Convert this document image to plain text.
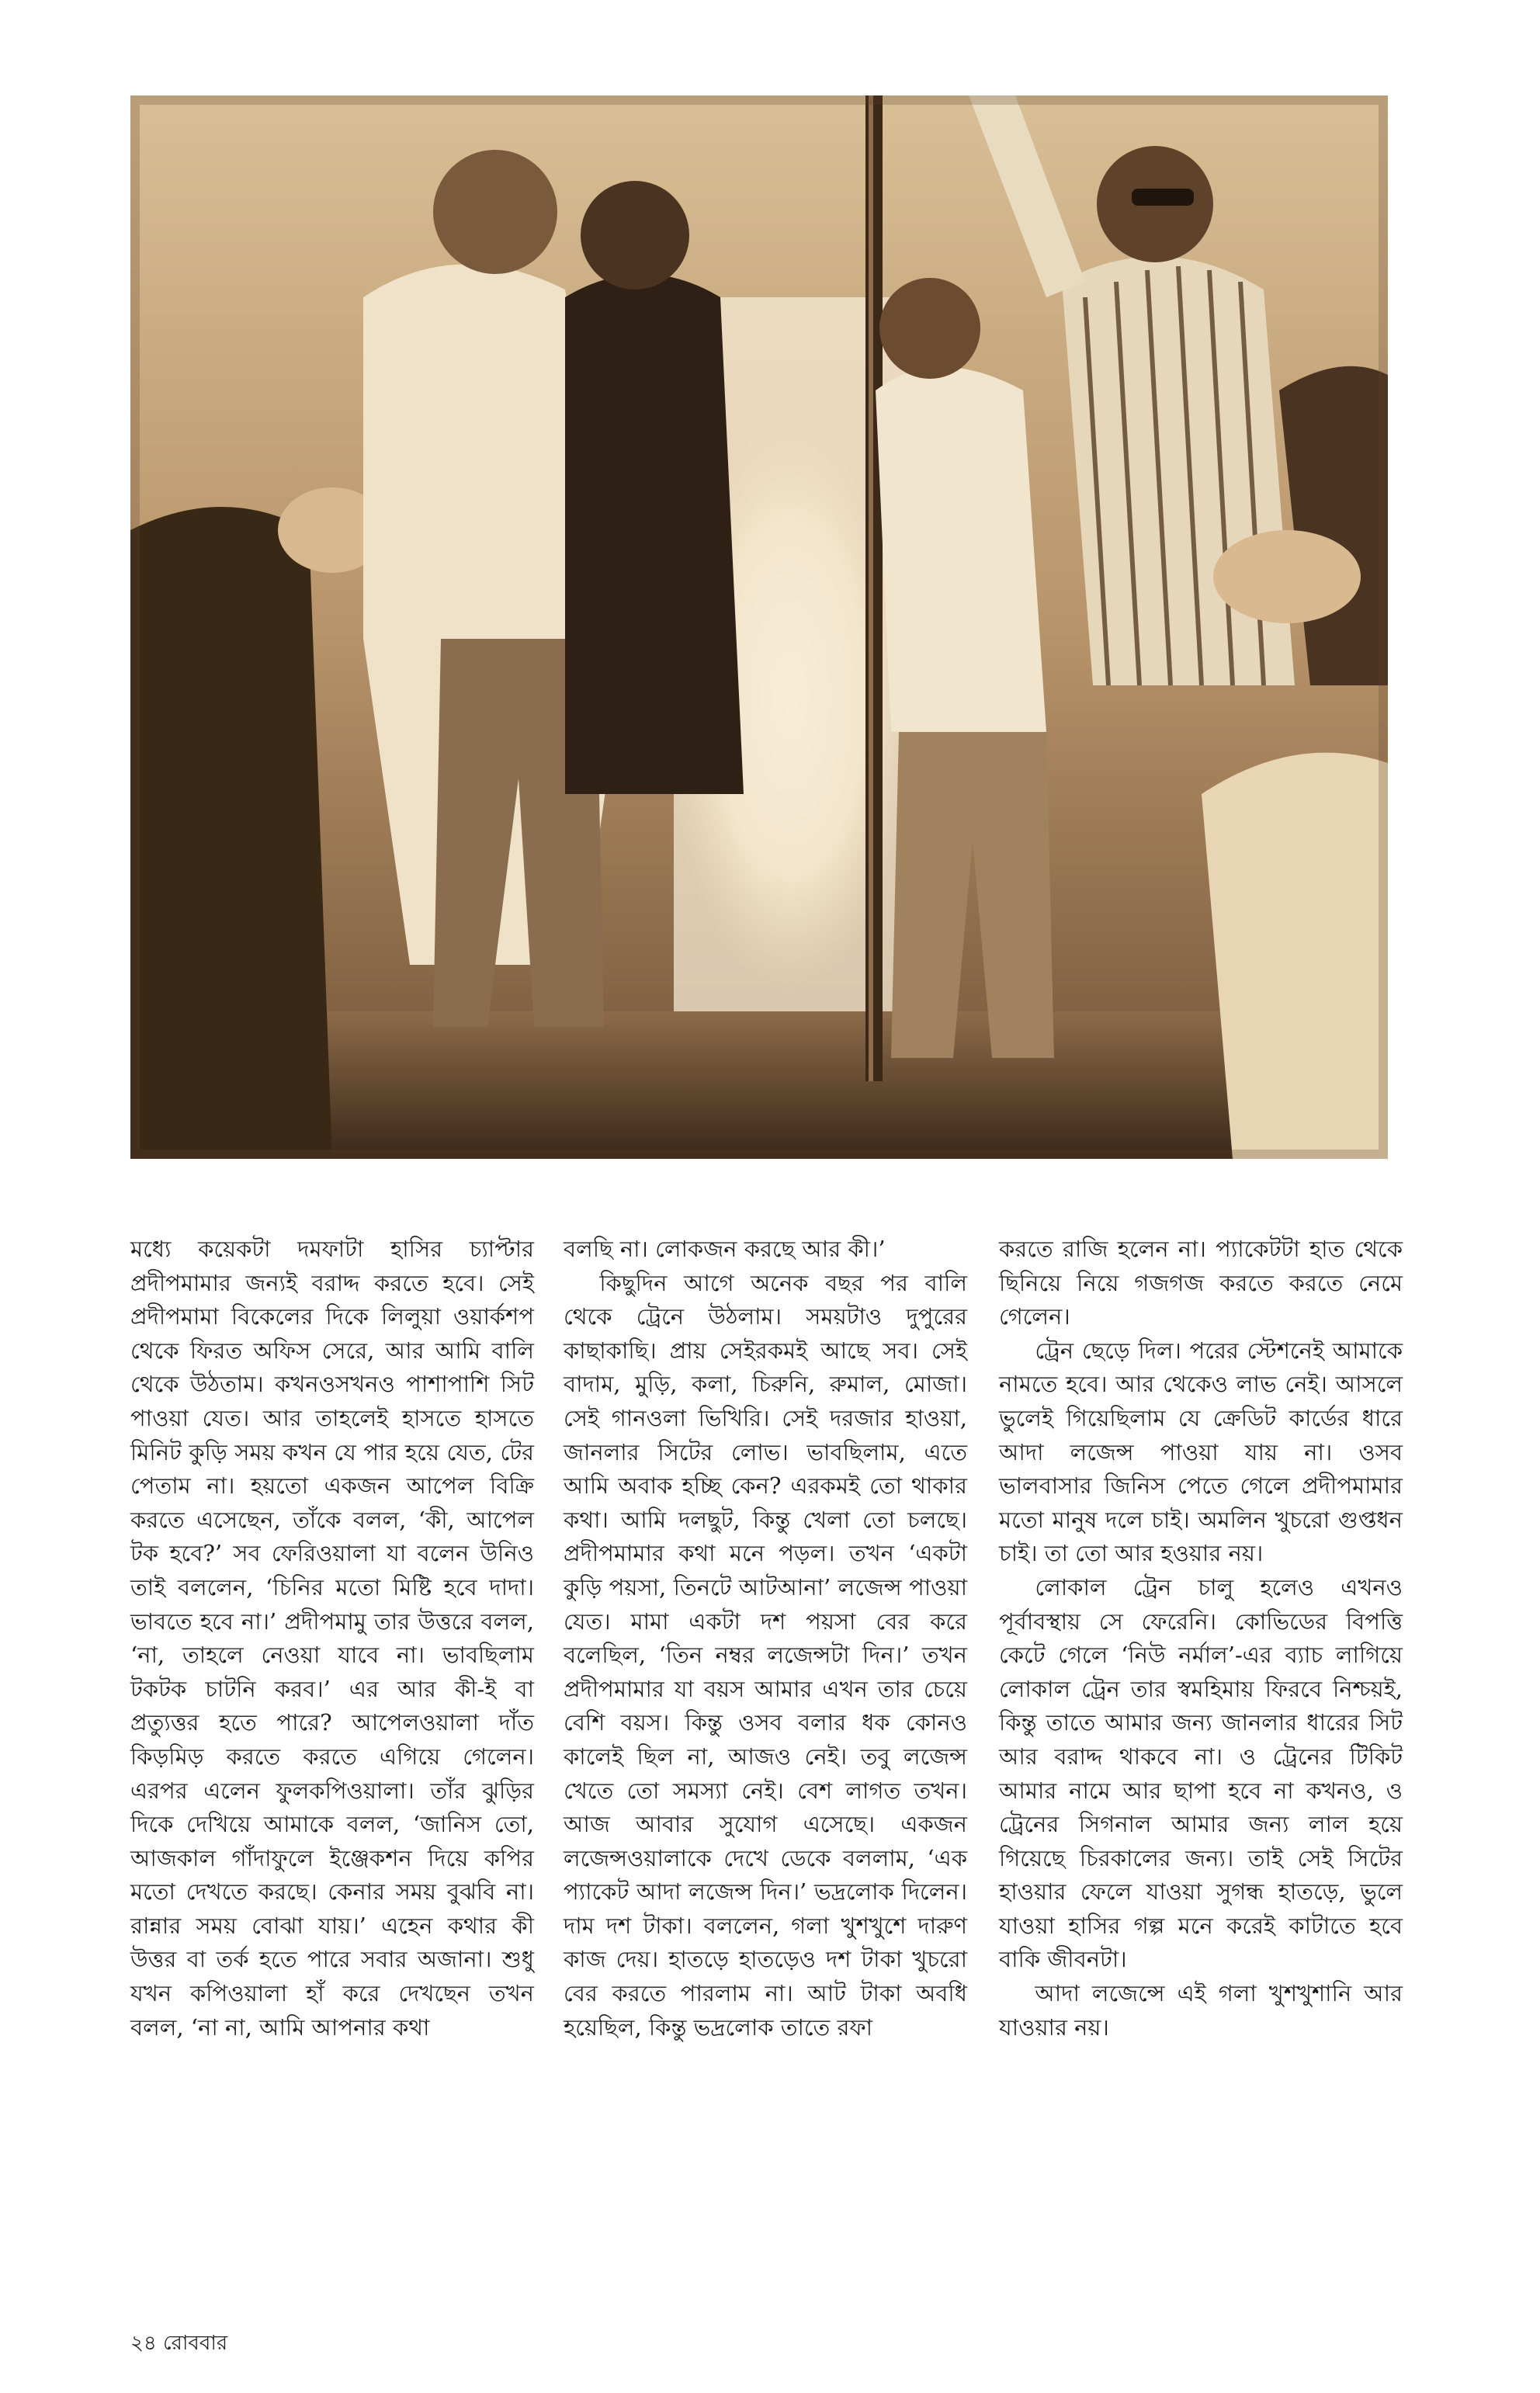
মধ্যে কয়েকটা দমফাটা হাসির চ্যাপ্টার প্রদীপমামার জন্যই বরাদ্দ করতে হবে। সেই প্রদীপমামা বিকেলের দিকে লিলুয়া ওয়ার্কশপ থেকে ফিরত অফিস সেরে, আর আমি বালি থেকে উঠতাম। কখনওসখনও পাশাপাশি সিট পাওয়া যেত। আর তাহলেই হাসতে হাসতে মিনিট কুড়ি সময় কখন যে পার হয়ে যেত, টের পেতাম না। হয়তো একজন আপেল বিক্রি করতে এসেছেন, তাঁকে বলল, ‘কী, আপেল টক হবে?’ সব ফেরিওয়ালা যা বলেন উনিও তাই বললেন, ‘চিনির মতো মিষ্টি হবে দাদা। ভাবতে হবে না।’ প্রদীপমামু তার উত্তরে বলল, ‘না, তাহলে নেওয়া যাবে না। ভাবছিলাম টকটক চাটনি করব।’ এর আর কী-ই বা প্রত্যুত্তর হতে পারে? আপেলওয়ালা দাঁত কিড়মিড় করতে করতে এগিয়ে গেলেন। এরপর এলেন ফুলকপিওয়ালা। তাঁর ঝুড়ির দিকে দেখিয়ে আমাকে বলল, ‘জানিস তো, আজকাল গাঁদাফুলে ইঞ্জেকশন দিয়ে কপির মতো দেখতে করছে। কেনার সময় বুঝবি না। রান্নার সময় বোঝা যায়।’ এহেন কথার কী উত্তর বা তর্ক হতে পারে সবার অজানা। শুধু যখন কপিওয়ালা হাঁ করে দেখছেন তখন বলল, ‘না না, আমি আপনার কথা

বলছি না। লোকজন করছে আর কী।’

কিছুদিন আগে অনেক বছর পর বালি থেকে ট্রেনে উঠলাম। সময়টাও দুপুরের কাছাকাছি। প্রায় সেইরকমই আছে সব। সেই বাদাম, মুড়ি, কলা, চিরুনি, রুমাল, মোজা। সেই গানওলা ভিখিরি। সেই দরজার হাওয়া, জানলার সিটের লোভ। ভাবছিলাম, এতে আমি অবাক হচ্ছি কেন? এরকমই তো থাকার কথা। আমি দলছুট, কিন্তু খেলা তো চলছে। প্রদীপমামার কথা মনে পড়ল। তখন ‘একটা কুড়ি পয়সা, তিনটে আটআনা’ লজেন্স পাওয়া যেত। মামা একটা দশ পয়সা বের করে বলেছিল, ‘তিন নম্বর লজেন্সটা দিন।’ তখন প্রদীপমামার যা বয়স আমার এখন তার চেয়ে বেশি বয়স। কিন্তু ওসব বলার ধক কোনও কালেই ছিল না, আজও নেই। তবু লজেন্স খেতে তো সমস্যা নেই। বেশ লাগত তখন। আজ আবার সুযোগ এসেছে। একজন লজেন্সওয়ালাকে দেখে ডেকে বললাম, ‘এক প্যাকেট আদা লজেন্স দিন।’ ভদ্রলোক দিলেন। দাম দশ টাকা। বললেন, গলা খুশখুশে দারুণ কাজ দেয়। হাতড়ে হাতড়েও দশ টাকা খুচরো বের করতে পারলাম না। আট টাকা অবধি হয়েছিল, কিন্তু ভদ্রলোক তাতে রফা

করতে রাজি হলেন না। প্যাকেটটা হাত থেকে ছিনিয়ে নিয়ে গজগজ করতে করতে নেমে গেলেন।

ট্রেন ছেড়ে দিল। পরের স্টেশনেই আমাকে নামতে হবে। আর থেকেও লাভ নেই। আসলে ভুলেই গিয়েছিলাম যে ক্রেডিট কার্ডের ধারে আদা লজেন্স পাওয়া যায় না। ওসব ভালবাসার জিনিস পেতে গেলে প্রদীপমামার মতো মানুষ দলে চাই। অমলিন খুচরো গুপ্তধন চাই। তা তো আর হওয়ার নয়।

লোকাল ট্রেন চালু হলেও এখনও পূর্বাবস্থায় সে ফেরেনি। কোভিডের বিপত্তি কেটে গেলে ‘নিউ নর্মাল’-এর ব্যাচ লাগিয়ে লোকাল ট্রেন তার স্বমহিমায় ফিরবে নিশ্চয়ই, কিন্তু তাতে আমার জন্য জানলার ধারের সিট আর বরাদ্দ থাকবে না। ও ট্রেনের টিকিট আমার নামে আর ছাপা হবে না কখনও, ও ট্রেনের সিগনাল আমার জন্য লাল হয়ে গিয়েছে চিরকালের জন্য। তাই সেই সিটের হাওয়ার ফেলে যাওয়া সুগন্ধ হাতড়ে, ভুলে যাওয়া হাসির গল্প মনে করেই কাটাতে হবে বাকি জীবনটা।

আদা লজেন্সে এই গলা খুশখুশানি আর যাওয়ার নয়।

২৪ রোববার
